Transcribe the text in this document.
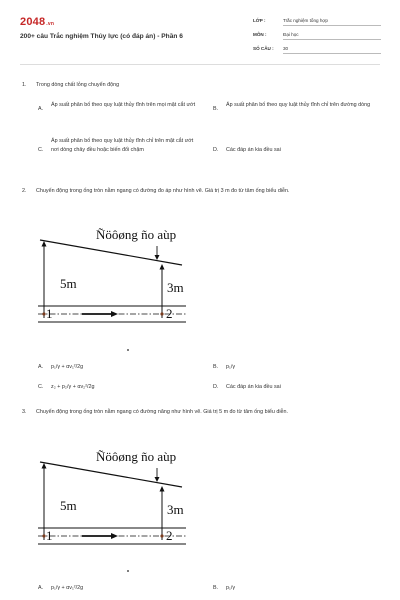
2048.vn
200+ câu Trắc nghiệm Thủy lực (có đáp án) - Phần 6
LỚP :	Trắc nghiệm tổng hợp
MÔN :	Đại học
SỐ CÂU : 30
1. Trong dòng chất lỏng chuyển động
A.
Áp suất phân bố theo quy luật thủy tĩnh trên mọi mặt cắt ướt
B.
Áp suất phân bố theo quy luật thủy tĩnh chỉ trên đường dòng
C.
Áp suất phân bố theo quy luật thủy tĩnh chỉ trên mặt cắt ướt nơi dòng chảy đều hoặc biến đổi chậm	D. Các đáp án kia đều sai
2. Chuyển động trong ống tròn nằm ngang có đường đo áp như hình vẽ. Giá trị 3 m đo từ tâm ống biểu diễn.
Ñöôøng ño aùp
5m	3m
1	2
A. p₁/γ + αv₁²/2g	B. p₁/γ
C. z₂ + p₂/γ + αv₂²/2g	D. Các đáp án kia đều sai
3. Chuyển động trong ống tròn nằm ngang có đường năng như hình vẽ. Giá trị 5 m đo từ tâm ống biểu diễn.
Ñöôøng ño aùp
5m	3m
1	2
A. p₁/γ + αv₁²/2g	B. p₁/γ
